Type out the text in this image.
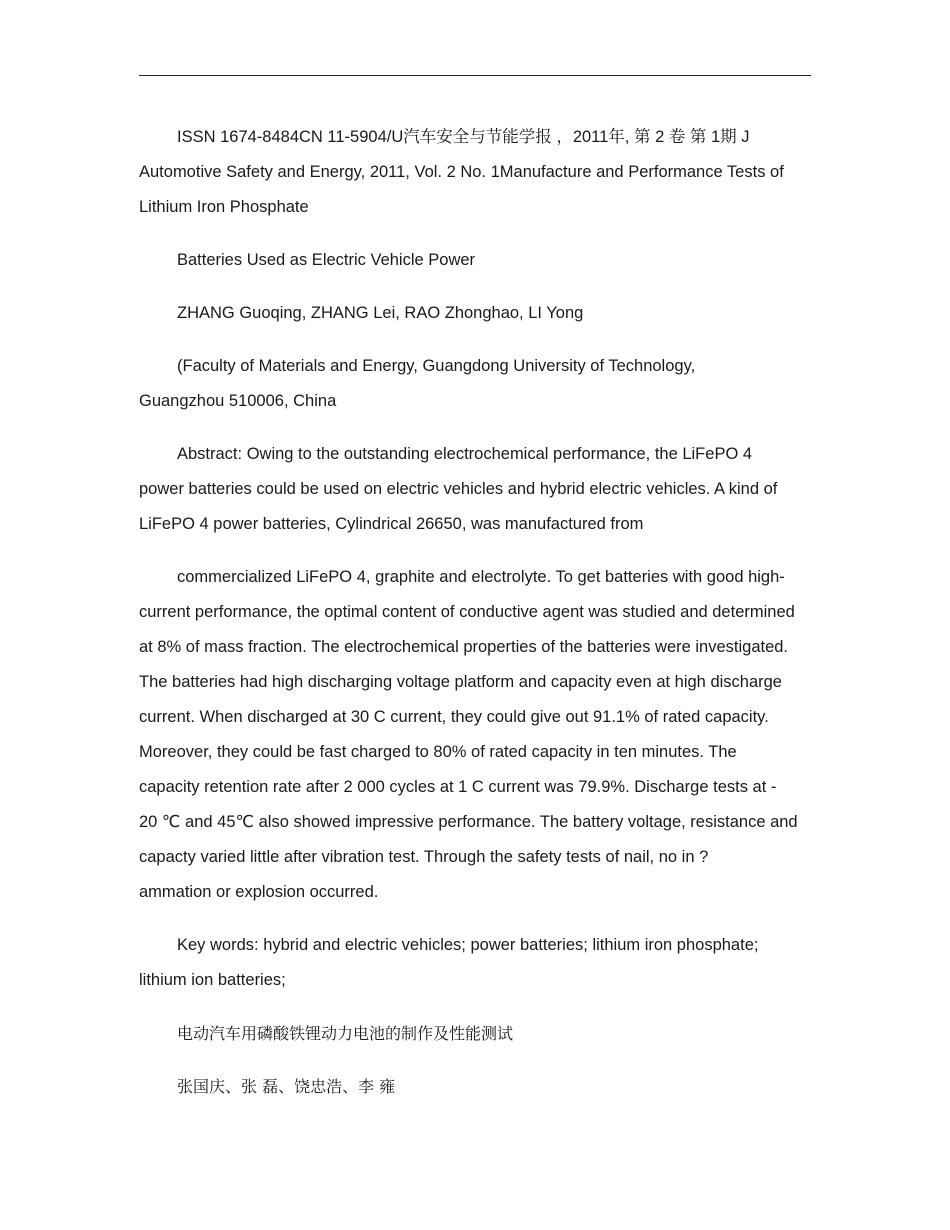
ISSN 1674-8484CN 11-5904/U汽车安全与节能学报 ，2011年, 第 2 卷 第 1期 J
Automotive Safety and Energy, 2011, Vol. 2 No. 1Manufacture and Performance Tests of
Lithium Iron Phosphate

Batteries Used as Electric Vehicle Power

ZHANG Guoqing, ZHANG Lei, RAO Zhonghao, LI Yong

(Faculty of Materials and Energy, Guangdong University of Technology,
Guangzhou 510006, China

Abstract: Owing to the outstanding electrochemical performance, the LiFePO 4
power batteries could be used on electric vehicles and hybrid electric vehicles. A kind of
LiFePO 4 power batteries, Cylindrical 26650, was manufactured from

commercialized LiFePO 4, graphite and electrolyte. To get batteries with good high-
current performance, the optimal content of conductive agent was studied and determined
at 8% of mass fraction. The electrochemical properties of the batteries were investigated.
The batteries had high discharging voltage platform and capacity even at high discharge
current. When discharged at 30 C current, they could give out 91.1% of rated capacity.
Moreover, they could be fast charged to 80% of rated capacity in ten minutes. The
capacity retention rate after 2 000 cycles at 1 C current was 79.9%. Discharge tests at -
20 ℃ and 45℃ also showed impressive performance. The battery voltage, resistance and
capacty varied little after vibration test. Through the safety tests of nail, no in ?
ammation or explosion occurred.

Key words: hybrid and electric vehicles; power batteries; lithium iron phosphate;
lithium ion batteries;

电动汽车用磷酸铁锂动力电池的制作及性能测试

张国庆、张 磊、饶忠浩、李 雍
